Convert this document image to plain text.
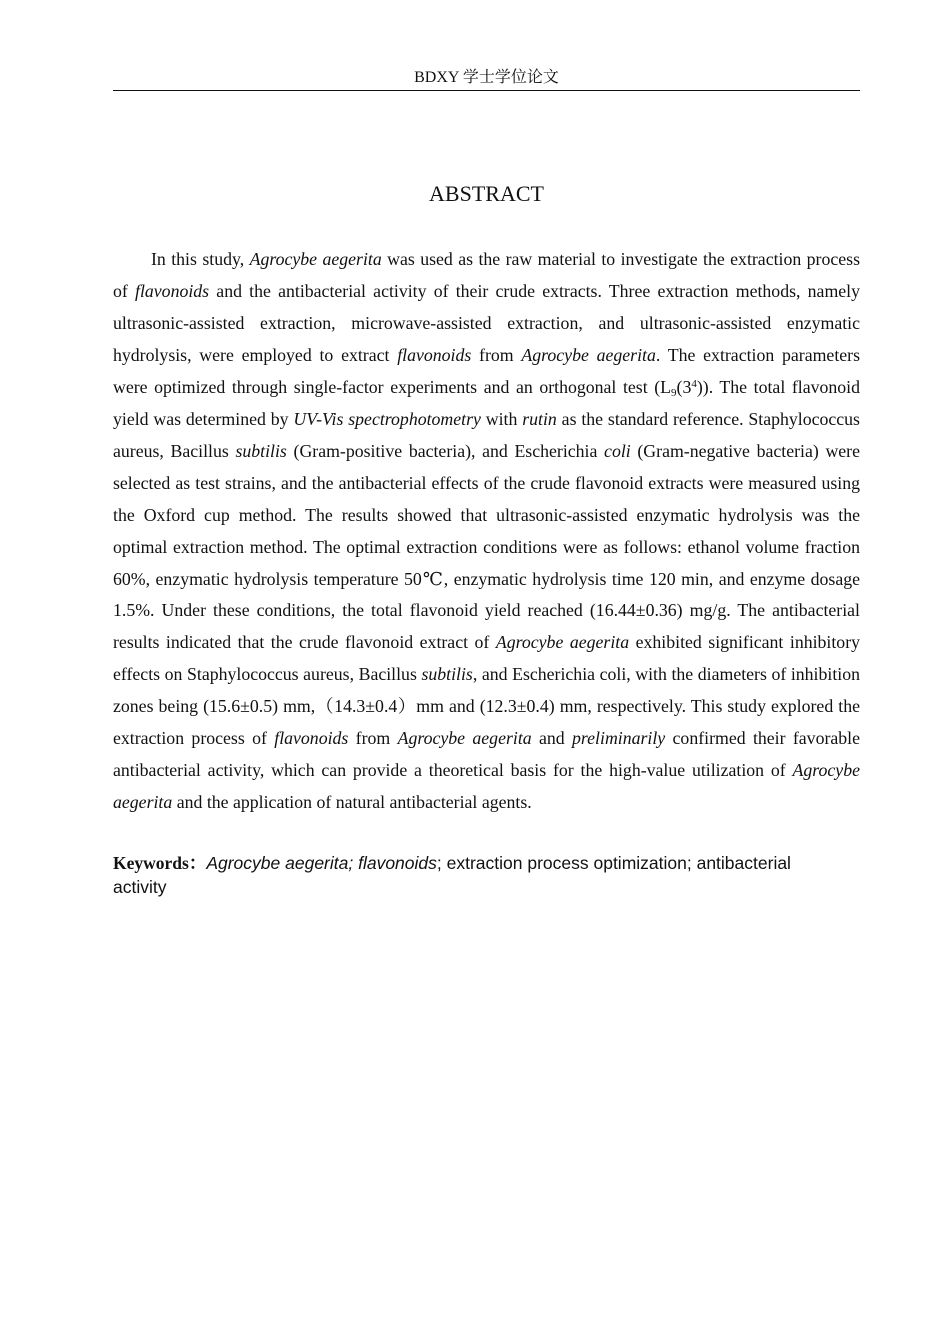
BDXY 学士学位论文
ABSTRACT

In this study, Agrocybe aegerita was used as the raw material to investigate the extraction process of flavonoids and the antibacterial activity of their crude extracts. Three extraction methods, namely ultrasonic-assisted extraction, microwave-assisted extraction, and ultrasonic-assisted enzymatic hydrolysis, were employed to extract flavonoids from Agrocybe aegerita. The extraction parameters were optimized through single-factor experiments and an orthogonal test $(L_9(3^4))$. The total flavonoid yield was determined by UV-Vis spectrophotometry with rutin as the standard reference. Staphylococcus aureus, Bacillus subtilis (Gram-positive bacteria), and Escherichia coli (Gram-negative bacteria) were selected as test strains, and the antibacterial effects of the crude flavonoid extracts were measured using the Oxford cup method. The results showed that ultrasonic-assisted enzymatic hydrolysis was the optimal extraction method. The optimal extraction conditions were as follows: ethanol volume fraction 60%, enzymatic hydrolysis temperature 50℃, enzymatic hydrolysis time 120 min, and enzyme dosage 1.5%. Under these conditions, the total flavonoid yield reached (16.44±0.36) mg/g. The antibacterial results indicated that the crude flavonoid extract of Agrocybe aegerita exhibited significant inhibitory effects on Staphylococcus aureus, Bacillus subtilis, and Escherichia coli, with the diameters of inhibition zones being (15.6±0.5) mm,（14.3±0.4）mm and (12.3±0.4) mm, respectively. This study explored the extraction process of flavonoids from Agrocybe aegerita and preliminarily confirmed their favorable antibacterial activity, which can provide a theoretical basis for the high-value utilization of Agrocybe aegerita and the application of natural antibacterial agents.

Keywords：Agrocybe aegerita; flavonoids; extraction process optimization; antibacterial activity
